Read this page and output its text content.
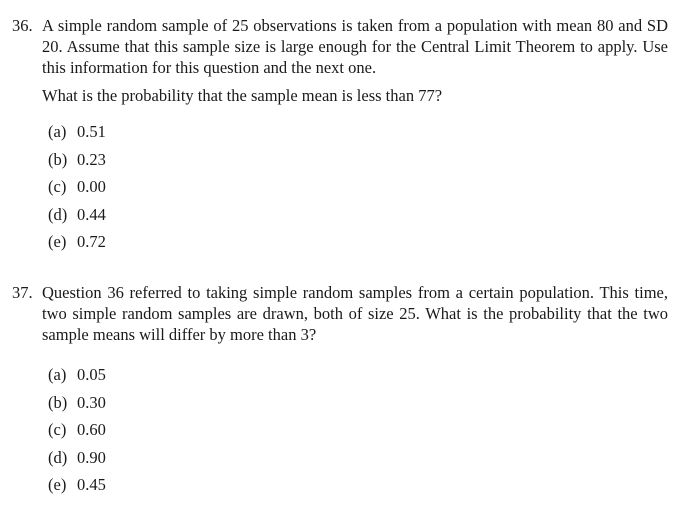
36. A simple random sample of 25 observations is taken from a population with mean 80 and SD 20. Assume that this sample size is large enough for the Central Limit Theorem to apply. Use this information for this question and the next one.
What is the probability that the sample mean is less than 77?
(a) 0.51
(b) 0.23
(c) 0.00
(d) 0.44
(e) 0.72
37. Question 36 referred to taking simple random samples from a certain population. This time, two simple random samples are drawn, both of size 25. What is the probability that the two sample means will differ by more than 3?
(a) 0.05
(b) 0.30
(c) 0.60
(d) 0.90
(e) 0.45
